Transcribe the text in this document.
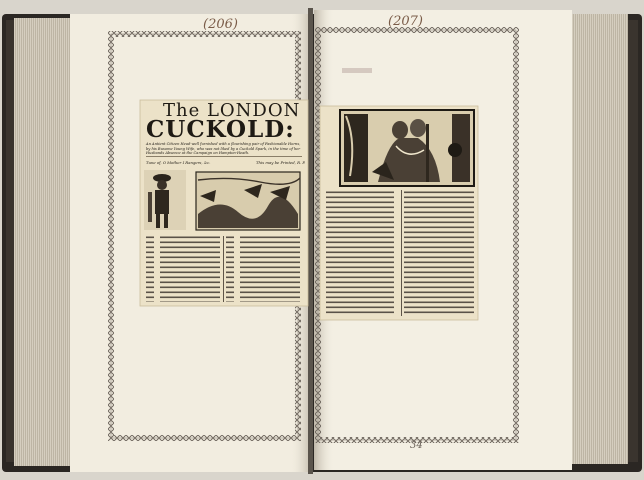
(206)	(207)
34
The LONDON
CUCKOLD:
An Antient Citizen Head-well furnished with a flourishing pair of Fashionable Horns, by his Buxome Young Wife, who was not liked by a Cuckold Spark, in the time of her Husbands Absence at the Campaign on Hampton-Heath.
Tune of, O Mother I Rangers, &c.	This may be Printed, R. P.
